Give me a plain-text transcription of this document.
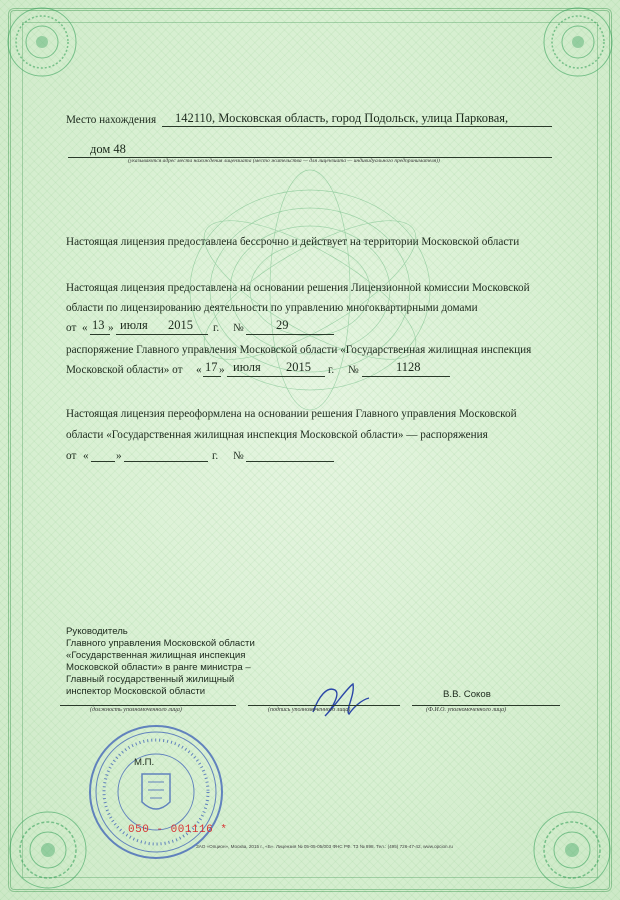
Место нахождения 142110, Московская область, город Подольск, улица Парковая,
дом 48
(указываются адрес места нахождения лицензиата (место жительства — для лицензиата — индивидуального предпринимателя))
Настоящая лицензия предоставлена бессрочно и действует на территории Московской области
Настоящая лицензия предоставлена на основании решения Лицензионной комиссии Московской
области по лицензированию деятельности по управлению многоквартирными домами
от « 13 » июля 2015 г. №	29
распоряжение Главного управления Московской области «Государственная жилищная инспекция
Московской области» от « 17 » июля 2015 г. №	1128
Настоящая лицензия переоформлена на основании решения Главного управления Московской
области «Государственная жилищная инспекция Московской области» — распоряжения
от « »	г. №
Руководитель
Главного управления Московской области
«Государственная жилищная инспекция
Московской области» в ранге министра –
Главный государственный жилищный
инспектор Московской области
(должность уполномоченного лица)	(подпись уполномоченного лица)
В.В. Соков
(Ф.И.О. уполномоченного лица)
М.П.
050 - 001116 *
ЗАО «Опцион», Москва, 2015 г., «Б». Лицензия № 05-05-05/003 ФНС РФ. ТЗ № 898. Тел.: (495) 726-47-42, www.opcion.ru
